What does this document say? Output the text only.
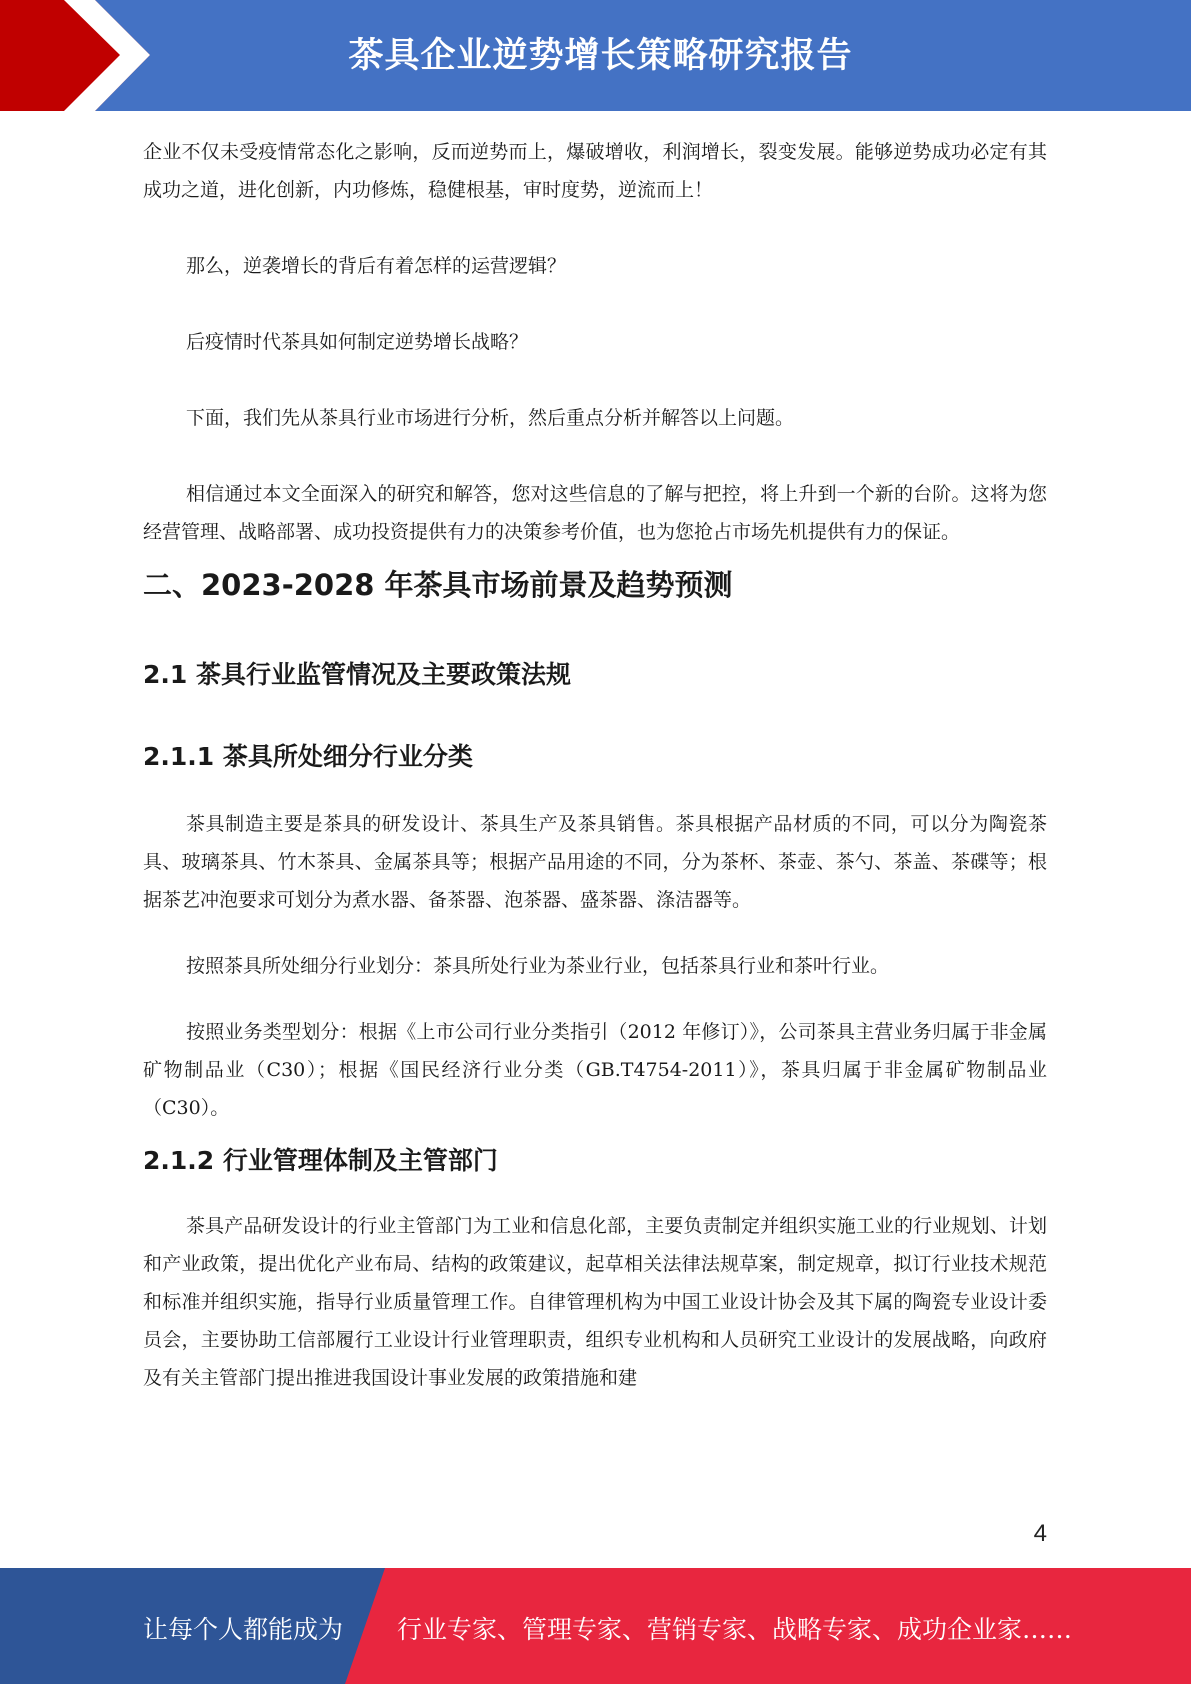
茶具企业逆势增长策略研究报告

企业不仅未受疫情常态化之影响，反而逆势而上，爆破增收，利润增长，裂变发展。能够逆势成功必定有其成功之道，进化创新，内功修炼，稳健根基，审时度势，逆流而上！

那么，逆袭增长的背后有着怎样的运营逻辑？

后疫情时代茶具如何制定逆势增长战略？

下面，我们先从茶具行业市场进行分析，然后重点分析并解答以上问题。

相信通过本文全面深入的研究和解答，您对这些信息的了解与把控，将上升到一个新的台阶。这将为您经营管理、战略部署、成功投资提供有力的决策参考价值，也为您抢占市场先机提供有力的保证。

二、2023-2028 年茶具市场前景及趋势预测
2.1 茶具行业监管情况及主要政策法规
2.1.1 茶具所处细分行业分类

茶具制造主要是茶具的研发设计、茶具生产及茶具销售。茶具根据产品材质的不同，可以分为陶瓷茶具、玻璃茶具、竹木茶具、金属茶具等；根据产品用途的不同，分为茶杯、茶壶、茶勺、茶盖、茶碟等；根据茶艺冲泡要求可划分为煮水器、备茶器、泡茶器、盛茶器、涤洁器等。

按照茶具所处细分行业划分：茶具所处行业为茶业行业，包括茶具行业和茶叶行业。

按照业务类型划分：根据《上市公司行业分类指引（2012 年修订）》，公司茶具主营业务归属于非金属矿物制品业（C30）；根据《国民经济行业分类（GB.T4754-2011）》，茶具归属于非金属矿物制品业（C30）。

2.1.2 行业管理体制及主管部门

茶具产品研发设计的行业主管部门为工业和信息化部，主要负责制定并组织实施工业的行业规划、计划和产业政策，提出优化产业布局、结构的政策建议，起草相关法律法规草案，制定规章，拟订行业技术规范和标准并组织实施，指导行业质量管理工作。自律管理机构为中国工业设计协会及其下属的陶瓷专业设计委员会，主要协助工信部履行工业设计行业管理职责，组织专业机构和人员研究工业设计的发展战略，向政府及有关主管部门提出推进我国设计事业发展的政策措施和建

4
让每个人都能成为 行业专家、管理专家、营销专家、战略专家、成功企业家……
